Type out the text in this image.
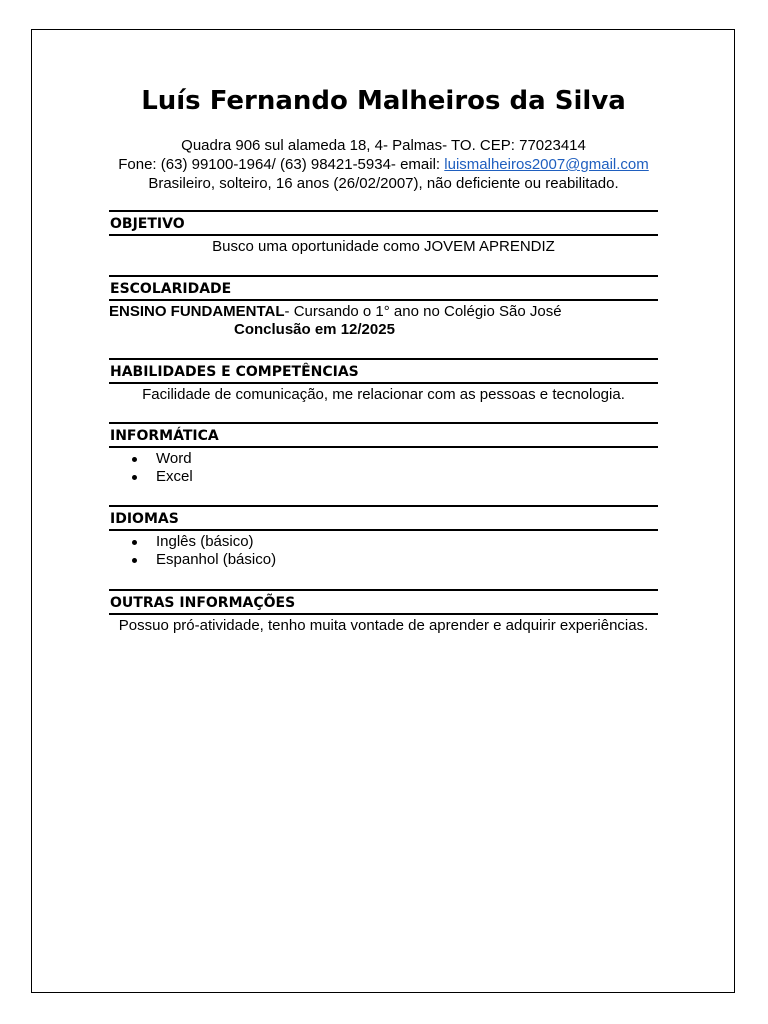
Luís Fernando Malheiros da Silva
Quadra 906 sul alameda 18, 4- Palmas- TO. CEP: 77023414
Fone: (63) 99100-1964/ (63) 98421-5934- email: luismalheiros2007@gmail.com
Brasileiro, solteiro, 16 anos (26/02/2007), não deficiente ou reabilitado.
OBJETIVO
Busco uma oportunidade como JOVEM APRENDIZ
ESCOLARIDADE
ENSINO FUNDAMENTAL- Cursando o 1° ano no Colégio São José
Conclusão em 12/2025
HABILIDADES E COMPETÊNCIAS
Facilidade de comunicação, me relacionar com as pessoas e tecnologia.
INFORMÁTICA
Word
Excel
IDIOMAS
Inglês (básico)
Espanhol (básico)
OUTRAS INFORMAÇÕES
Possuo pró-atividade, tenho muita vontade de aprender e adquirir experiências.
